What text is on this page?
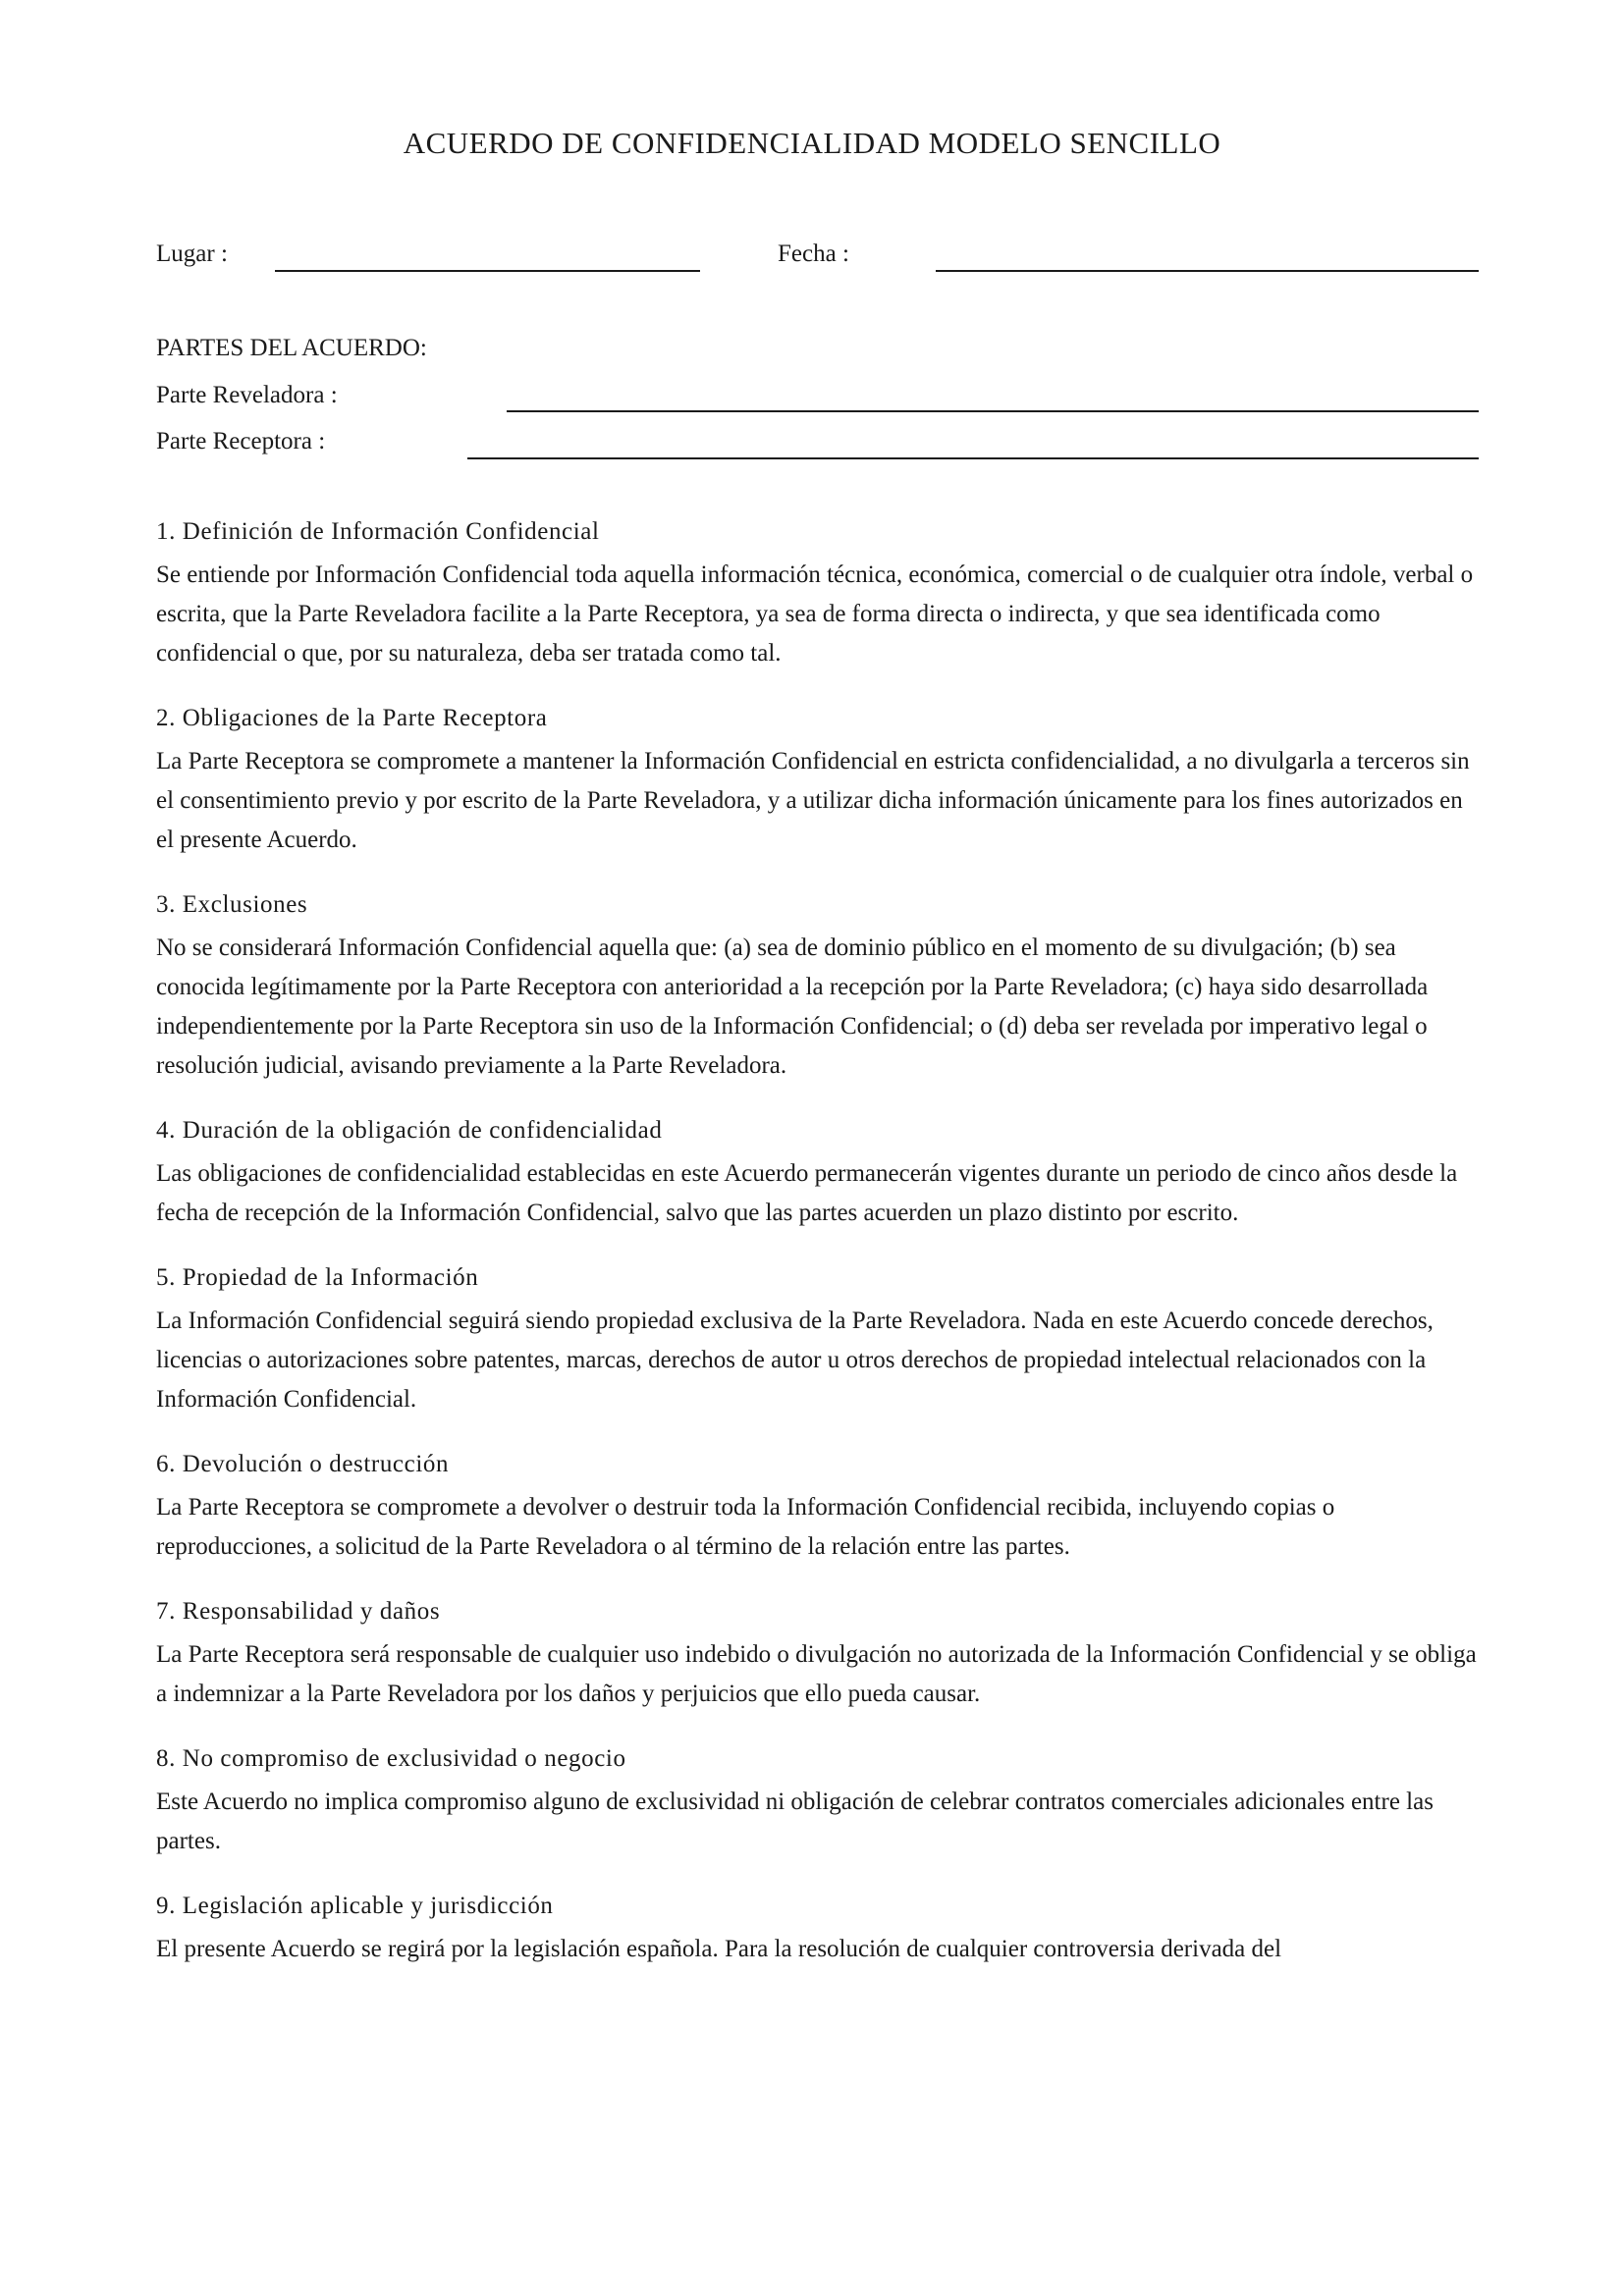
ACUERDO DE CONFIDENCIALIDAD MODELO SENCILLO
Lugar :	Fecha :
PARTES DEL ACUERDO:
Parte Reveladora :
Parte Receptora :
1. Definición de Información Confidencial

Se entiende por Información Confidencial toda aquella información técnica, económica, comercial o de cualquier otra índole, verbal o escrita, que la Parte Reveladora facilite a la Parte Receptora, ya sea de forma directa o indirecta, y que sea identificada como confidencial o que, por su naturaleza, deba ser tratada como tal.

2. Obligaciones de la Parte Receptora

La Parte Receptora se compromete a mantener la Información Confidencial en estricta confidencialidad, a no divulgarla a terceros sin el consentimiento previo y por escrito de la Parte Reveladora, y a utilizar dicha información únicamente para los fines autorizados en el presente Acuerdo.

3. Exclusiones

No se considerará Información Confidencial aquella que: (a) sea de dominio público en el momento de su divulgación; (b) sea conocida legítimamente por la Parte Receptora con anterioridad a la recepción por la Parte Reveladora; (c) haya sido desarrollada independientemente por la Parte Receptora sin uso de la Información Confidencial; o (d) deba ser revelada por imperativo legal o resolución judicial, avisando previamente a la Parte Reveladora.

4. Duración de la obligación de confidencialidad

Las obligaciones de confidencialidad establecidas en este Acuerdo permanecerán vigentes durante un periodo de cinco años desde la fecha de recepción de la Información Confidencial, salvo que las partes acuerden un plazo distinto por escrito.

5. Propiedad de la Información

La Información Confidencial seguirá siendo propiedad exclusiva de la Parte Reveladora. Nada en este Acuerdo concede derechos, licencias o autorizaciones sobre patentes, marcas, derechos de autor u otros derechos de propiedad intelectual relacionados con la Información Confidencial.

6. Devolución o destrucción

La Parte Receptora se compromete a devolver o destruir toda la Información Confidencial recibida, incluyendo copias o reproducciones, a solicitud de la Parte Reveladora o al término de la relación entre las partes.

7. Responsabilidad y daños

La Parte Receptora será responsable de cualquier uso indebido o divulgación no autorizada de la Información Confidencial y se obliga a indemnizar a la Parte Reveladora por los daños y perjuicios que ello pueda causar.

8. No compromiso de exclusividad o negocio

Este Acuerdo no implica compromiso alguno de exclusividad ni obligación de celebrar contratos comerciales adicionales entre las partes.

9. Legislación aplicable y jurisdicción

El presente Acuerdo se regirá por la legislación española. Para la resolución de cualquier controversia derivada del
